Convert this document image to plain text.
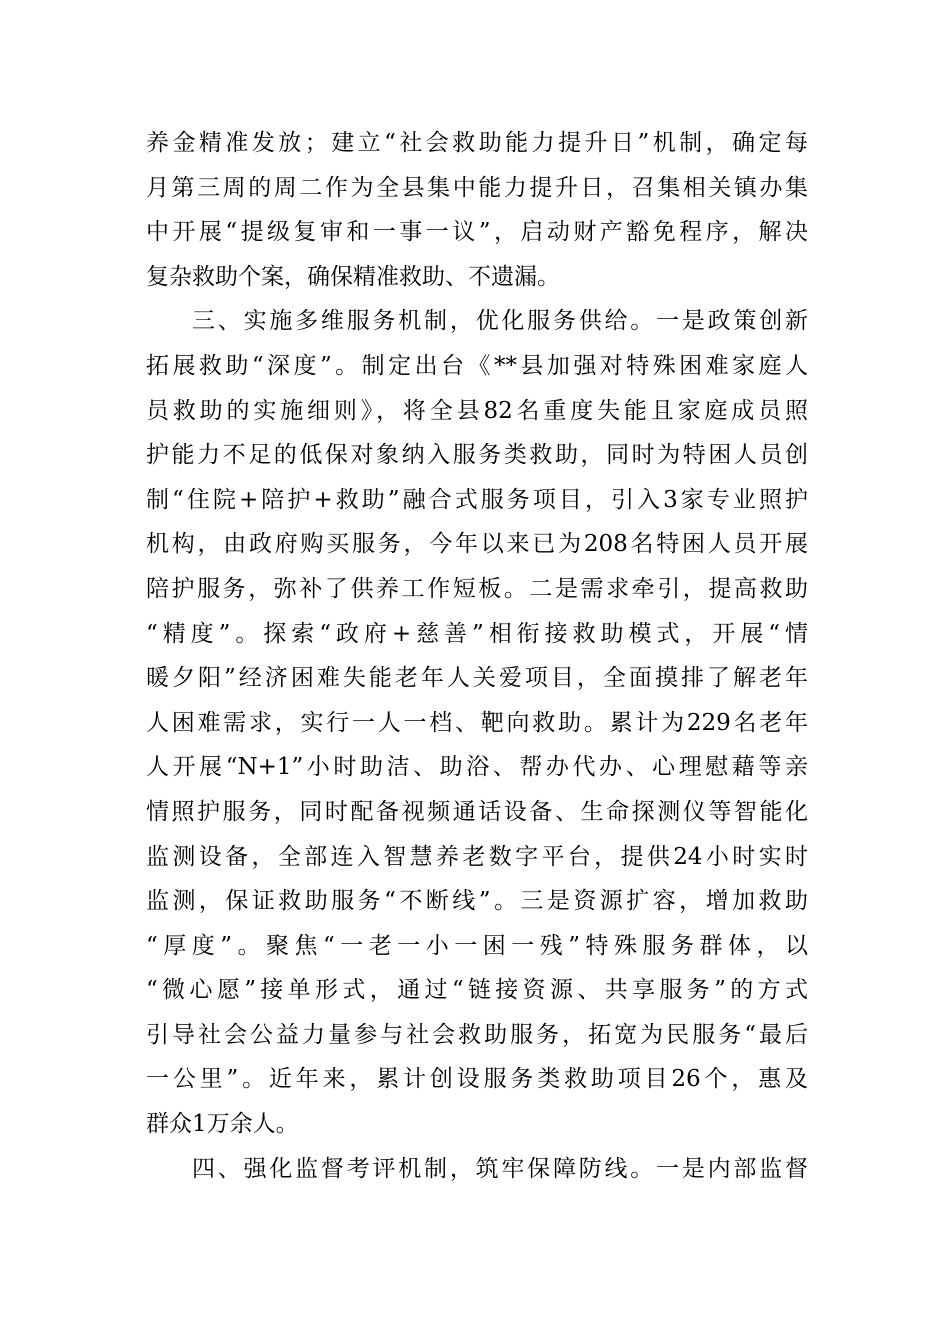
养金精准发放；建立“社会救助能力提升日”机制，确定每
月第三周的周二作为全县集中能力提升日，召集相关镇办集
中开展“提级复审和一事一议”，启动财产豁免程序，解决
复杂救助个案，确保精准救助、不遗漏。

三、实施多维服务机制，优化服务供给。一是政策创新
拓展救助“深度”。制定出台《**县加强对特殊困难家庭人
员救助的实施细则》，将全县82名重度失能且家庭成员照
护能力不足的低保对象纳入服务类救助，同时为特困人员创
制“住院+陪护+救助”融合式服务项目，引入3家专业照护
机构，由政府购买服务，今年以来已为208名特困人员开展
陪护服务，弥补了供养工作短板。二是需求牵引，提高救助
“精度”。探索“政府+慈善”相衔接救助模式，开展“情
暖夕阳”经济困难失能老年人关爱项目，全面摸排了解老年
人困难需求，实行一人一档、靶向救助。累计为229名老年
人开展“N+1”小时助洁、助浴、帮办代办、心理慰藉等亲
情照护服务，同时配备视频通话设备、生命探测仪等智能化
监测设备，全部连入智慧养老数字平台，提供24小时实时
监测，保证救助服务“不断线”。三是资源扩容，增加救助
“厚度”。聚焦“一老一小一困一残”特殊服务群体，以
“微心愿”接单形式，通过“链接资源、共享服务”的方式
引导社会公益力量参与社会救助服务，拓宽为民服务“最后
一公里”。近年来，累计创设服务类救助项目26个，惠及
群众1万余人。

四、强化监督考评机制，筑牢保障防线。一是内部监督
